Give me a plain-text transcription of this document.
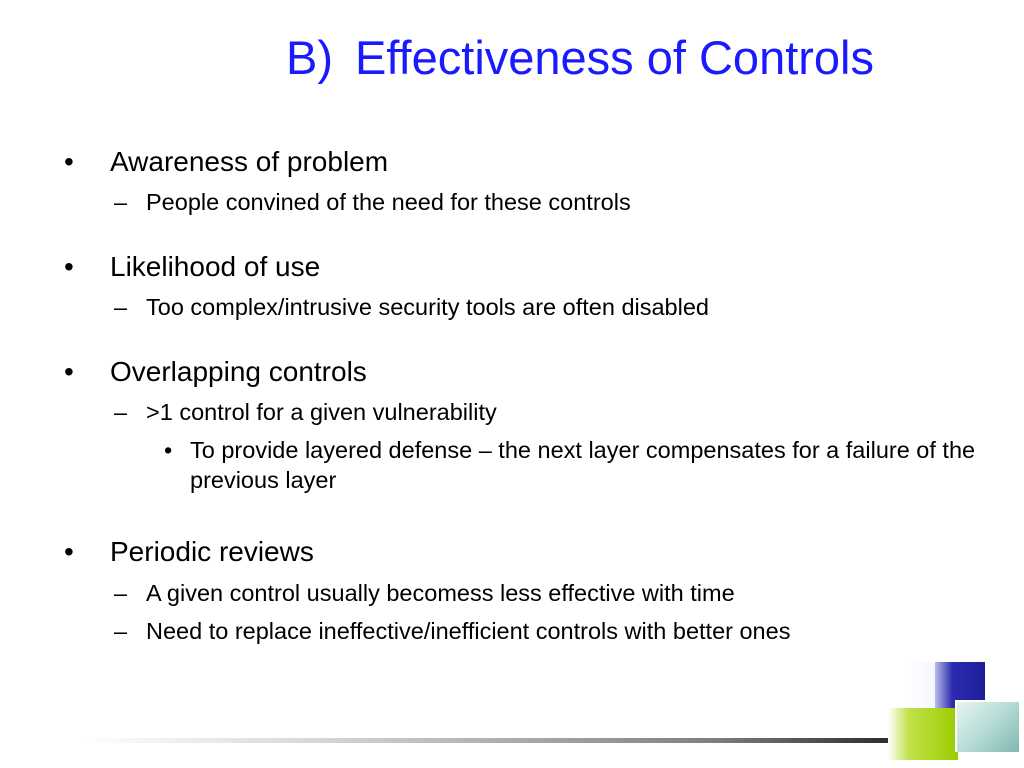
B) Effectiveness of Controls
• Awareness of problem
– People convined of the need for these controls
• Likelihood of use
– Too complex/intrusive security tools are often disabled
• Overlapping controls
– >1 control for a given vulnerability
• To provide layered defense – the next layer compensates for a failure of the previous layer
• Periodic reviews
– A given control usually becomess less effective with time
– Need to replace ineffective/inefficient controls with better ones
